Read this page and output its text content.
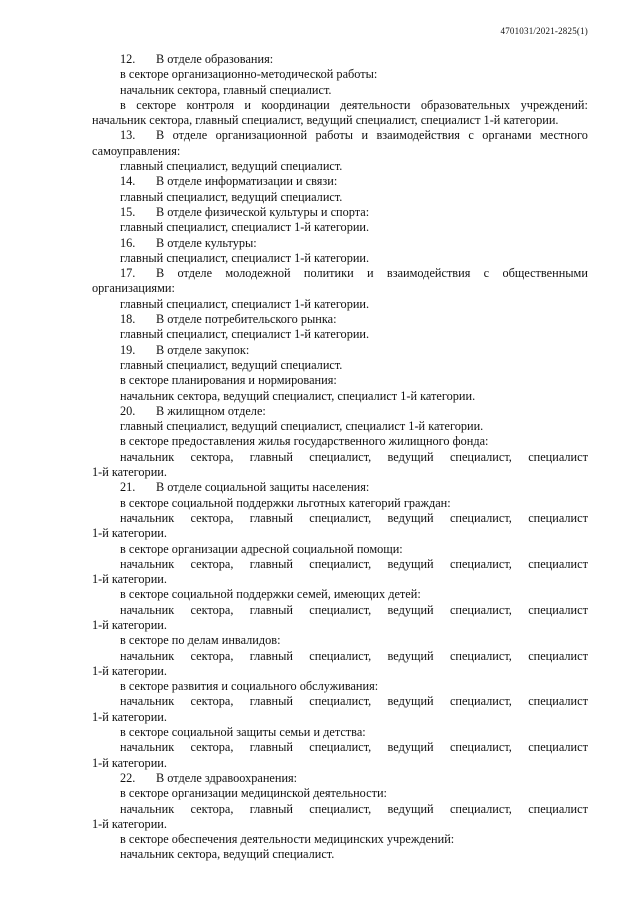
4701031/2021-2825(1)
12.	В отделе образования:
в секторе организационно-методической работы:
начальник сектора, главный специалист.
в секторе контроля и координации деятельности образовательных учреждений:
начальник сектора, главный специалист, ведущий специалист, специалист 1-й категории.
13.	В отделе организационной работы и взаимодействия с органами местного
самоуправления:
главный специалист, ведущий специалист.
14.	В отделе информатизации и связи:
главный специалист, ведущий специалист.
15.	В отделе физической культуры и спорта:
главный специалист, специалист 1-й категории.
16.	В отделе культуры:
главный специалист, специалист 1-й категории.
17.	В отделе молодежной политики и взаимодействия с общественными
организациями:
главный специалист, специалист 1-й категории.
18.	В отделе потребительского рынка:
главный специалист, специалист 1-й категории.
19.	В отделе закупок:
главный специалист, ведущий специалист.
в секторе планирования и нормирования:
начальник сектора, ведущий специалист, специалист 1-й категории.
20.	В жилищном отделе:
главный специалист, ведущий специалист, специалист 1-й категории.
в секторе предоставления жилья государственного жилищного фонда:
начальник сектора, главный специалист, ведущий специалист, специалист
1-й категории.
21.	В отделе социальной защиты населения:
в секторе социальной поддержки льготных категорий граждан:
начальник сектора, главный специалист, ведущий специалист, специалист
1-й категории.
в секторе организации адресной социальной помощи:
начальник сектора, главный специалист, ведущий специалист, специалист
1-й категории.
в секторе социальной поддержки семей, имеющих детей:
начальник сектора, главный специалист, ведущий специалист, специалист
1-й категории.
в секторе по делам инвалидов:
начальник сектора, главный специалист, ведущий специалист, специалист
1-й категории.
в секторе развития и социального обслуживания:
начальник сектора, главный специалист, ведущий специалист, специалист
1-й категории.
в секторе социальной защиты семьи и детства:
начальник сектора, главный специалист, ведущий специалист, специалист
1-й категории.
22.	В отделе здравоохранения:
в секторе организации медицинской деятельности:
начальник сектора, главный специалист, ведущий специалист, специалист
1-й категории.
в секторе обеспечения деятельности медицинских учреждений:
начальник сектора, ведущий специалист.
